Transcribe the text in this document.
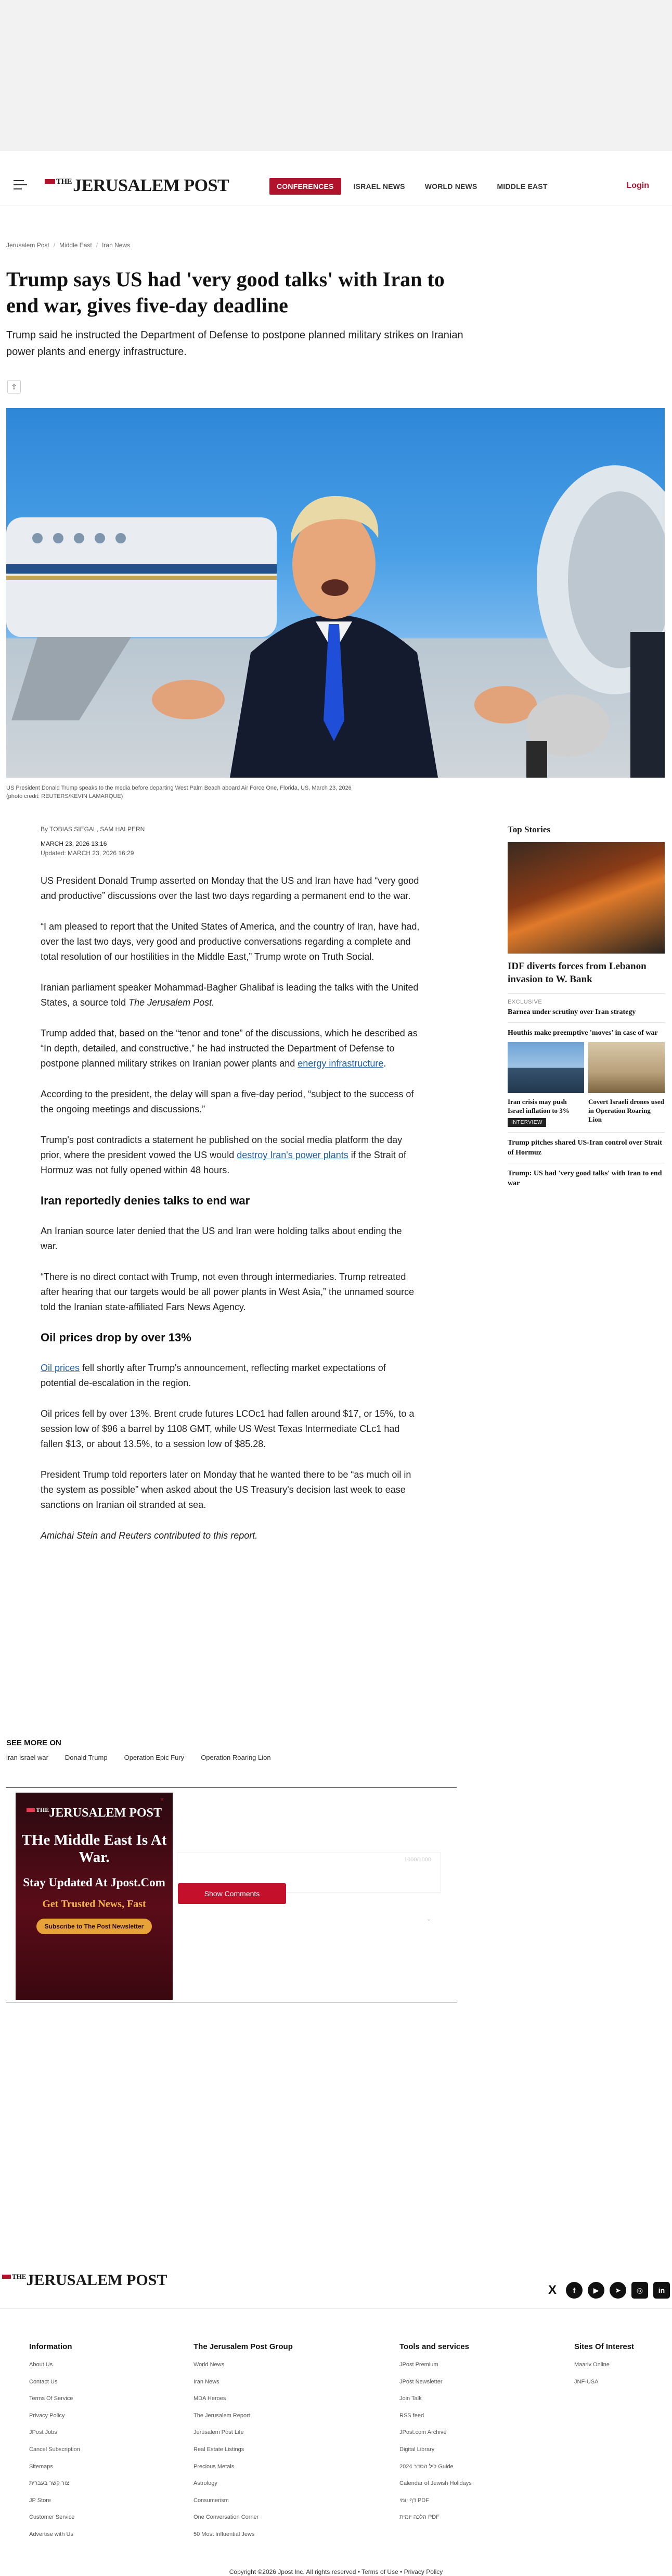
$^{THE}$JERUSALEM POST	CONFERENCES	ISRAEL NEWS	WORLD NEWS	MIDDLE EAST	Login
Jerusalem Post / Middle East / Iran News
Trump says US had 'very good talks' with Iran to end war, gives five-day deadline

Trump said he instructed the Department of Defense to postpone planned military strikes on Iranian power plants and energy infrastructure.

⇪
US President Donald Trump speaks to the media before departing West Palm Beach aboard Air Force One, Florida, US, March 23, 2026
(photo credit: REUTERS/KEVIN LAMARQUE)
By TOBIAS SIEGAL, SAM HALPERN
MARCH 23, 2026 13:16
Updated: MARCH 23, 2026 16:29

US President Donald Trump asserted on Monday that the US and Iran have had “very good and productive” discussions over the last two days regarding a permanent end to the war.

“I am pleased to report that the United States of America, and the country of Iran, have had, over the last two days, very good and productive conversations regarding a complete and total resolution of our hostilities in the Middle East,” Trump wrote on Truth Social.

Iranian parliament speaker Mohammad-Bagher Ghalibaf is leading the talks with the United States, a source told The Jerusalem Post.

Trump added that, based on the “tenor and tone” of the discussions, which he described as “In depth, detailed, and constructive,” he had instructed the Department of Defense to postpone planned military strikes on Iranian power plants and energy infrastructure.

According to the president, the delay will span a five-day period, “subject to the success of the ongoing meetings and discussions.”

Trump's post contradicts a statement he published on the social media platform the day prior, where the president vowed the US would destroy Iran's power plants if the Strait of Hormuz was not fully opened within 48 hours.

Iran reportedly denies talks to end war

An Iranian source later denied that the US and Iran were holding talks about ending the war.

“There is no direct contact with Trump, not even through intermediaries. Trump retreated after hearing that our targets would be all power plants in West Asia,” the unnamed source told the Iranian state-affiliated Fars News Agency.

Oil prices drop by over 13%

Oil prices fell shortly after Trump's announcement, reflecting market expectations of potential de-escalation in the region.

Oil prices fell by over 13%. Brent crude futures LCOc1 had fallen around $17, or 15%, to a session low of $96 a barrel by 1108 GMT, while US West Texas Intermediate CLc1 had fallen $13, or about 13.5%, to a session low of $85.28.

President Trump told reporters later on Monday that he wanted there to be “as much oil in the system as possible” when asked about the US Treasury's decision last week to ease sanctions on Iranian oil stranded at sea.

Amichai Stein and Reuters contributed to this report.

Top Stories
IDF diverts forces from Lebanon invasion to W. Bank
EXCLUSIVE
Barnea under scrutiny over Iran strategy
Houthis make preemptive 'moves' in case of war
Iran crisis may push Israel inflation to 3%
INTERVIEW
Covert Israeli drones used in Operation Roaring Lion
Trump pitches shared US-Iran control over Strait of Hormuz
Trump: US had 'very good talks' with Iran to end war
SEE MORE ON
iran israel war Donald Trump Operation Epic Fury Operation Roaring Lion
$^{THE}$JERUSALEM POST
THe Middle East Is At War.
Stay Updated At Jpost.Com
Get Trusted News, Fast
Subscribe to The Post Newsletter
×
1000/1000
Show Comments
⌄
$^{THE}$JERUSALEM POST
X	f	▶	➤	◎	in
Information
About Us
Contact Us
Terms Of Service
Privacy Policy
JPost Jobs
Cancel Subscription
Sitemaps
צור קשר בעברית
JP Store
Customer Service
Advertise with Us
The Jerusalem Post Group
World News
Iran News
MDA Heroes
The Jerusalem Report
Jerusalem Post Life
Real Estate Listings
Precious Metals
Astrology
Consumerism
One Conversation Corner
50 Most Influential Jews
Tools and services
JPost Premium
JPost Newsletter
Join Talk
RSS feed
JPost.com Archive
Digital Library
2024 ליל הסדר Guide
Calendar of Jewish Holidays
דף יומי PDF
הלכה יומית PDF
Sites Of Interest
Maariv Online
JNF-USA
Copyright ©2026 Jpost Inc. All rights reserved • Terms of Use • Privacy Policy
